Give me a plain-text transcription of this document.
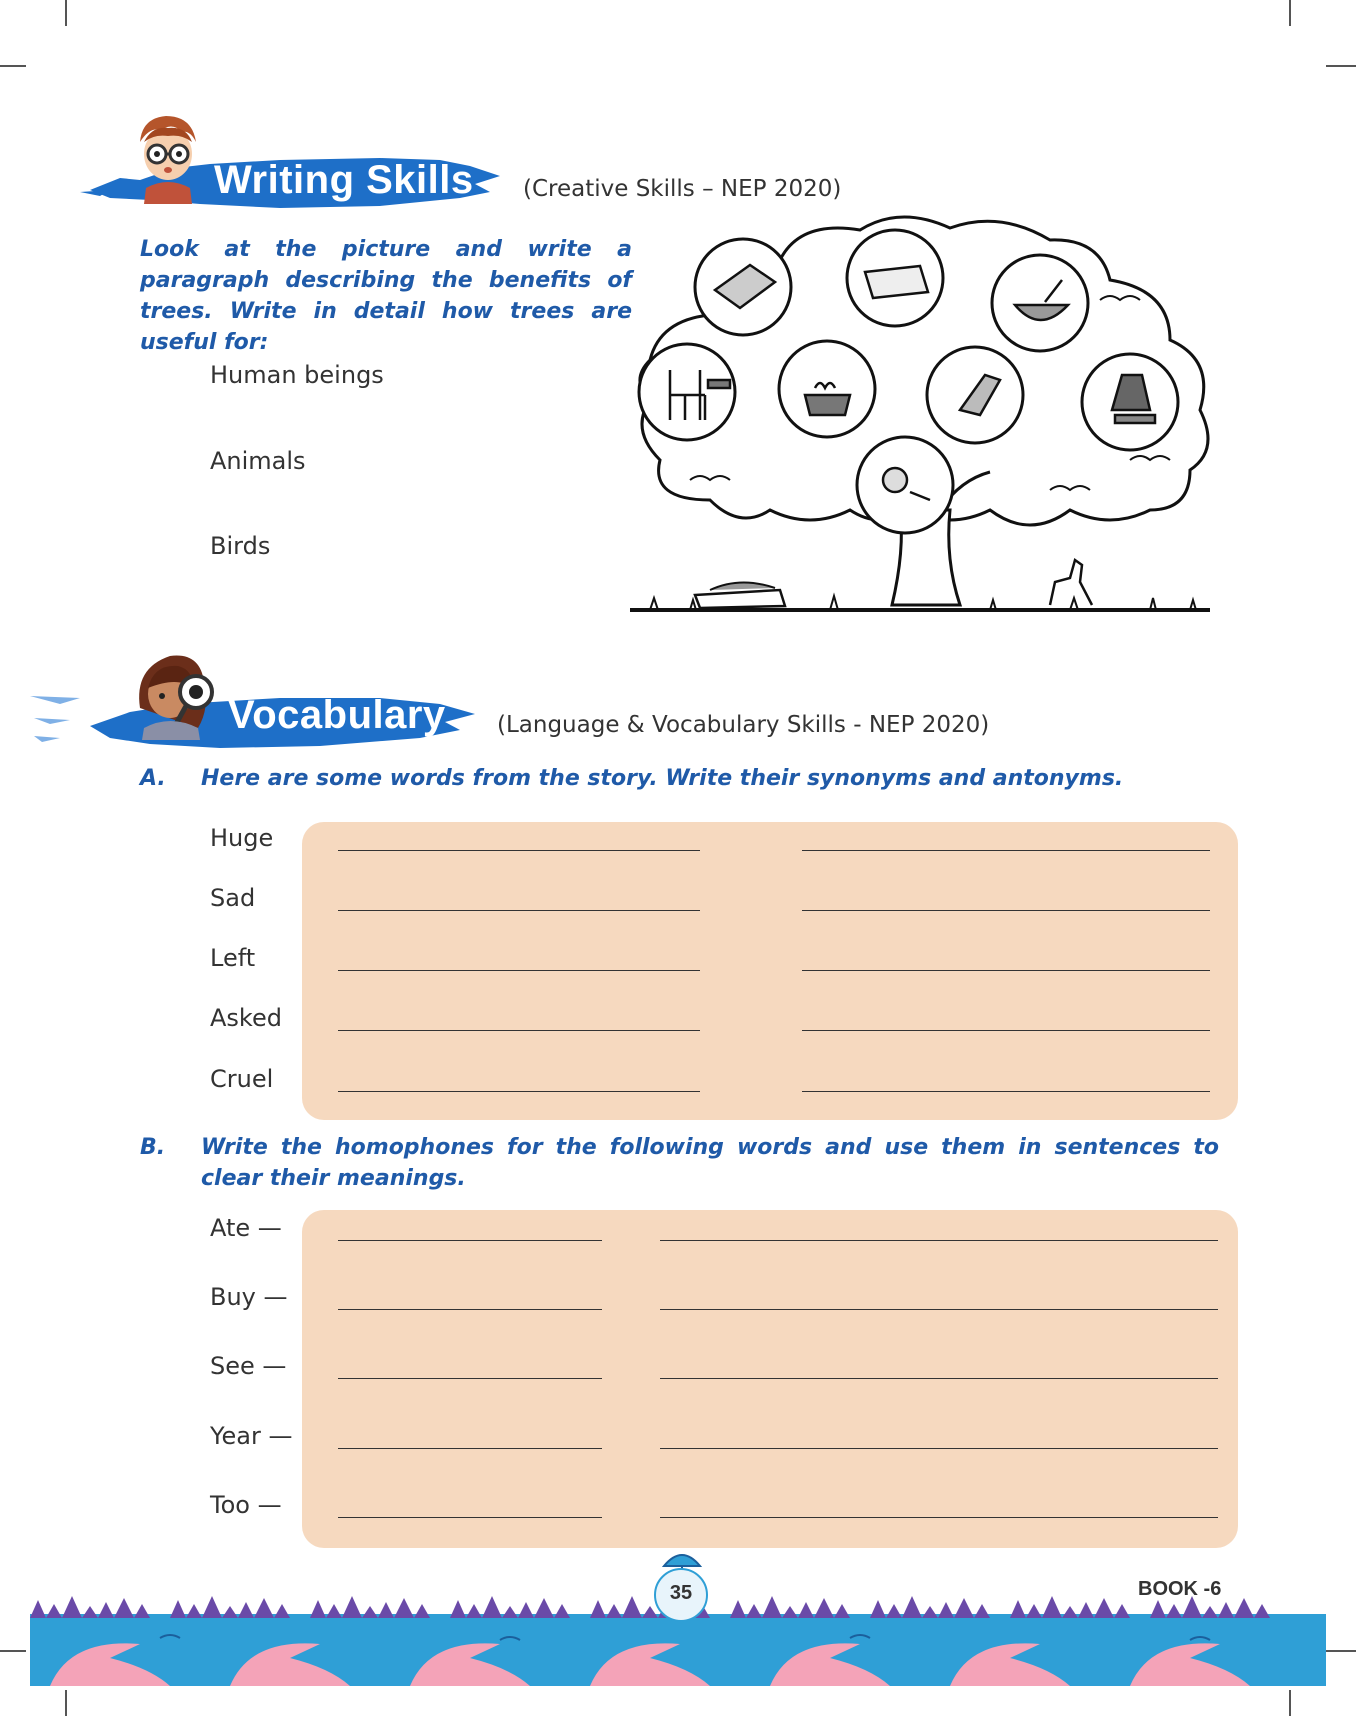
Writing Skills (Creative Skills – NEP 2020)
Look at the picture and write a paragraph describing the benefits of trees. Write in detail how trees are useful for:
Human beings
Animals
Birds
Vocabulary (Language & Vocabulary Skills - NEP 2020)
A. Here are some words from the story. Write their synonyms and antonyms.
Huge
Sad
Left
Asked
Cruel
B. Write the homophones for the following words and use them in sentences to clear their meanings.
Ate —
Buy —
See —
Year —
Too —
35	BOOK -6
